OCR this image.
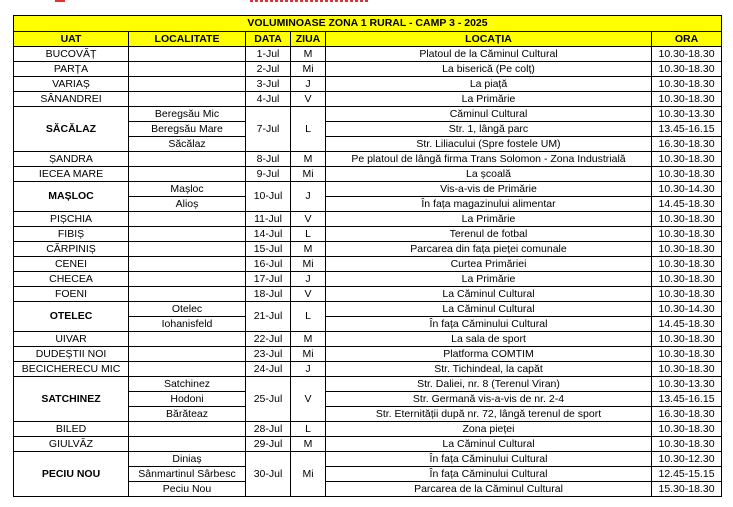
VOLUMINOASE ZONA 1 RURAL - CAMP 3 - 2025					
UAT	LOCALITATE	DATA	ZIUA	LOCAȚIA	ORA
BUCOVĂȚ		1-Jul	M	Platoul de la Căminul Cultural	10.30-18.30
PARȚA		2-Jul	Mi	La biserică (Pe colț)	10.30-18.30
VARIAȘ		3-Jul	J	La piață	10.30-18.30
SÂNANDREI		4-Jul	V	La Primărie	10.30-18.30
SĂCĂLAZ	Beregsău Mic	7-Jul	L	Căminul Cultural	10.30-13.30
	Beregsău Mare			Str. 1, lângă parc	13.45-16.15
	Săcălaz			Str. Liliacului (Spre fostele UM)	16.30-18.30
ȘANDRA		8-Jul	M	Pe platoul de lângă firma Trans Solomon - Zona Industrială	10.30-18.30
IECEA MARE		9-Jul	Mi	La școală	10.30-18.30
MAȘLOC	Mașloc	10-Jul	J	Vis-a-vis de Primărie	10.30-14.30
	Alioș			În fața magazinului alimentar	14.45-18.30
PIȘCHIA		11-Jul	V	La Primărie	10.30-18.30
FIBIȘ		14-Jul	L	Terenul de fotbal	10.30-18.30
CĂRPINIȘ		15-Jul	M	Parcarea din fața pieței comunale	10.30-18.30
CENEI		16-Jul	Mi	Curtea Primăriei	10.30-18.30
CHECEA		17-Jul	J	La Primărie	10.30-18.30
FOENI		18-Jul	V	La Căminul Cultural	10.30-18.30
OTELEC	Otelec	21-Jul	L	La Căminul Cultural	10.30-14.30
	Iohanisfeld			În fața Căminului Cultural	14.45-18.30
UIVAR		22-Jul	M	La sala de sport	10.30-18.30
DUDEȘTII NOI		23-Jul	Mi	Platforma COMTIM	10.30-18.30
BECICHERECU MIC		24-Jul	J	Str. Tichindeal, la capăt	10.30-18.30
SATCHINEZ	Satchinez	25-Jul	V	Str. Daliei, nr. 8 (Terenul Viran)	10.30-13.30
	Hodoni			Str. Germană vis-a-vis de nr. 2-4	13.45-16.15
	Bărăteaz			Str. Eternității după nr. 72, lângă terenul de sport	16.30-18.30
BILED		28-Jul	L	Zona pieței	10.30-18.30
GIULVĂZ		29-Jul	M	La Căminul Cultural	10.30-18.30
PECIU NOU	Diniaș	30-Jul	Mi	În fața Căminului Cultural	10.30-12.30
	Sânmartinul Sârbesc			În fața Căminului Cultural	12.45-15.15
	Peciu Nou			Parcarea de la Căminul Cultural	15.30-18.30
